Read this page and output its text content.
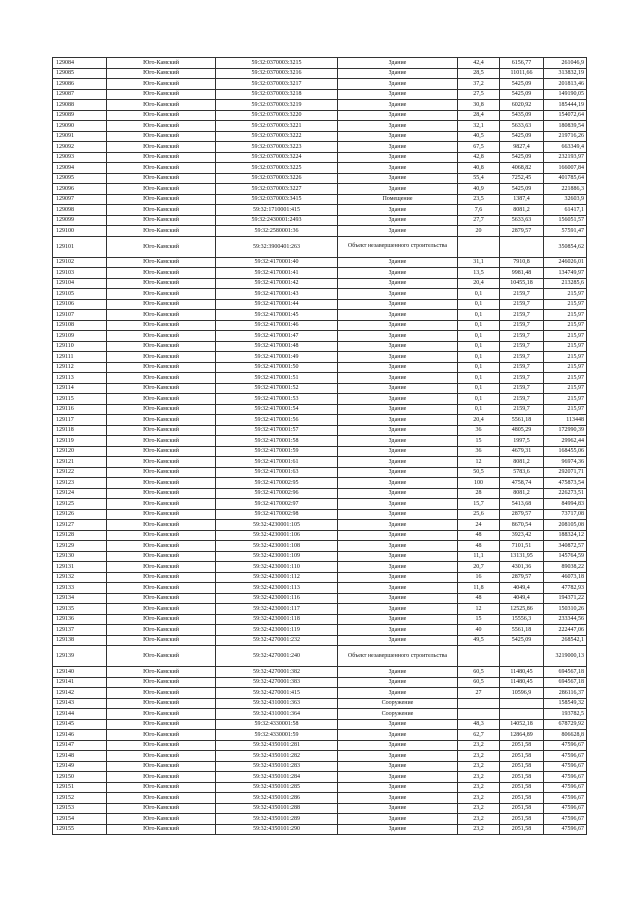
129084	Юго-Камский	59:32:0370003:3215	Здание	42,4	6156,77	261046,9
129085	Юго-Камский	59:32:0370003:3216	Здание	28,5	11011,66	313832,19
129086	Юго-Камский	59:32:0370003:3217	Здание	37,2	5425,09	201813,46
129087	Юго-Камский	59:32:0370003:3218	Здание	27,5	5425,09	149190,05
129088	Юго-Камский	59:32:0370003:3219	Здание	30,8	6020,92	185444,19
129089	Юго-Камский	59:32:0370003:3220	Здание	28,4	5435,09	154072,64
129090	Юго-Камский	59:32:0370003:3221	Здание	32,1	5633,63	180839,54
129091	Юго-Камский	59:32:0370003:3222	Здание	40,5	5425,09	219716,26
129092	Юго-Камский	59:32:0370003:3223	Здание	67,5	9827,4	663349,4
129093	Юго-Камский	59:32:0370003:3224	Здание	42,8	5425,09	232193,97
129094	Юго-Камский	59:32:0370003:3225	Здание	40,8	4068,82	166007,84
129095	Юго-Камский	59:32:0370003:3226	Здание	55,4	7252,45	401785,64
129096	Юго-Камский	59:32:0370003:3227	Здание	40,9	5425,09	221886,3
129097	Юго-Камский	59:32:0370003:3415	Помещение	23,5	1387,4	32603,9
129098	Юго-Камский	59:32:1710001:415	Здание	7,6	8081,2	61417,1
129099	Юго-Камский	59:32:2430001:2493	Здание	27,7	5633,63	156051,57
129100	Юго-Камский	59:32:2580001:36	Здание	20	2879,57	57591,47
129101	Юго-Камский	59:32:3900401:263	Объект незавершенного строительства			350854,62
129102	Юго-Камский	59:32:4170001:40	Здание	31,1	7910,8	246026,01
129103	Юго-Камский	59:32:4170001:41	Здание	13,5	9981,48	134749,97
129104	Юго-Камский	59:32:4170001:42	Здание	20,4	10455,18	213285,6
129105	Юго-Камский	59:32:4170001:43	Здание	0,1	2159,7	215,97
129106	Юго-Камский	59:32:4170001:44	Здание	0,1	2159,7	215,97
129107	Юго-Камский	59:32:4170001:45	Здание	0,1	2159,7	215,97
129108	Юго-Камский	59:32:4170001:46	Здание	0,1	2159,7	215,97
129109	Юго-Камский	59:32:4170001:47	Здание	0,1	2159,7	215,97
129110	Юго-Камский	59:32:4170001:48	Здание	0,1	2159,7	215,97
129111	Юго-Камский	59:32:4170001:49	Здание	0,1	2159,7	215,97
129112	Юго-Камский	59:32:4170001:50	Здание	0,1	2159,7	215,97
129113	Юго-Камский	59:32:4170001:51	Здание	0,1	2159,7	215,97
129114	Юго-Камский	59:32:4170001:52	Здание	0,1	2159,7	215,97
129115	Юго-Камский	59:32:4170001:53	Здание	0,1	2159,7	215,97
129116	Юго-Камский	59:32:4170001:54	Здание	0,1	2159,7	215,97
129117	Юго-Камский	59:32:4170001:56	Здание	20,4	5561,18	113448
129118	Юго-Камский	59:32:4170001:57	Здание	36	4805,29	172990,39
129119	Юго-Камский	59:32:4170001:58	Здание	15	1997,5	29962,44
129120	Юго-Камский	59:32:4170001:59	Здание	36	4679,31	168455,06
129121	Юго-Камский	59:32:4170001:61	Здание	12	8081,2	96974,36
129122	Юго-Камский	59:32:4170001:63	Здание	50,5	5783,6	292071,71
129123	Юго-Камский	59:32:4170002:95	Здание	100	4758,74	475873,54
129124	Юго-Камский	59:32:4170002:96	Здание	28	8081,2	226273,51
129125	Юго-Камский	59:32:4170002:97	Здание	15,7	5413,68	84994,83
129126	Юго-Камский	59:32:4170002:98	Здание	25,6	2879,57	73717,08
129127	Юго-Камский	59:32:4230001:105	Здание	24	8670,54	208105,08
129128	Юго-Камский	59:32:4230001:106	Здание	48	3923,42	188324,12
129129	Юго-Камский	59:32:4230001:108	Здание	48	7101,51	340872,57
129130	Юго-Камский	59:32:4230001:109	Здание	11,1	13131,95	145764,59
129131	Юго-Камский	59:32:4230001:110	Здание	20,7	4301,36	89038,22
129132	Юго-Камский	59:32:4230001:112	Здание	16	2879,57	46073,18
129133	Юго-Камский	59:32:4230001:113	Здание	11,8	4049,4	47782,93
129134	Юго-Камский	59:32:4230001:116	Здание	48	4049,4	194371,22
129135	Юго-Камский	59:32:4230001:117	Здание	12	12525,86	150310,26
129136	Юго-Камский	59:32:4230001:118	Здание	15	15556,3	233344,56
129137	Юго-Камский	59:32:4230001:119	Здание	40	5561,18	222447,06
129138	Юго-Камский	59:32:4270001:232	Здание	49,5	5425,09	268542,1
129139	Юго-Камский	59:32:4270001:240	Объект незавершенного строительства			3219000,13
129140	Юго-Камский	59:32:4270001:382	Здание	60,5	11480,45	694567,18
129141	Юго-Камский	59:32:4270001:383	Здание	60,5	11480,45	694567,18
129142	Юго-Камский	59:32:4270001:415	Здание	27	10596,9	286116,37
129143	Юго-Камский	59:32:4310001:363	Сооружение			158549,32
129144	Юго-Камский	59:32:4310001:364	Сооружение			193782,5
129145	Юго-Камский	59:32:4330001:58	Здание	48,3	14052,18	678729,92
129146	Юго-Камский	59:32:4330001:59	Здание	62,7	12864,89	806628,8
129147	Юго-Камский	59:32:4350101:281	Здание	23,2	2051,58	47596,67
129148	Юго-Камский	59:32:4350101:282	Здание	23,2	2051,58	47596,67
129149	Юго-Камский	59:32:4350101:283	Здание	23,2	2051,58	47596,67
129150	Юго-Камский	59:32:4350101:284	Здание	23,2	2051,58	47596,67
129151	Юго-Камский	59:32:4350101:285	Здание	23,2	2051,58	47596,67
129152	Юго-Камский	59:32:4350101:286	Здание	23,2	2051,58	47596,67
129153	Юго-Камский	59:32:4350101:288	Здание	23,2	2051,58	47596,67
129154	Юго-Камский	59:32:4350101:289	Здание	23,2	2051,58	47596,67
129155	Юго-Камский	59:32:4350101:290	Здание	23,2	2051,58	47596,67
